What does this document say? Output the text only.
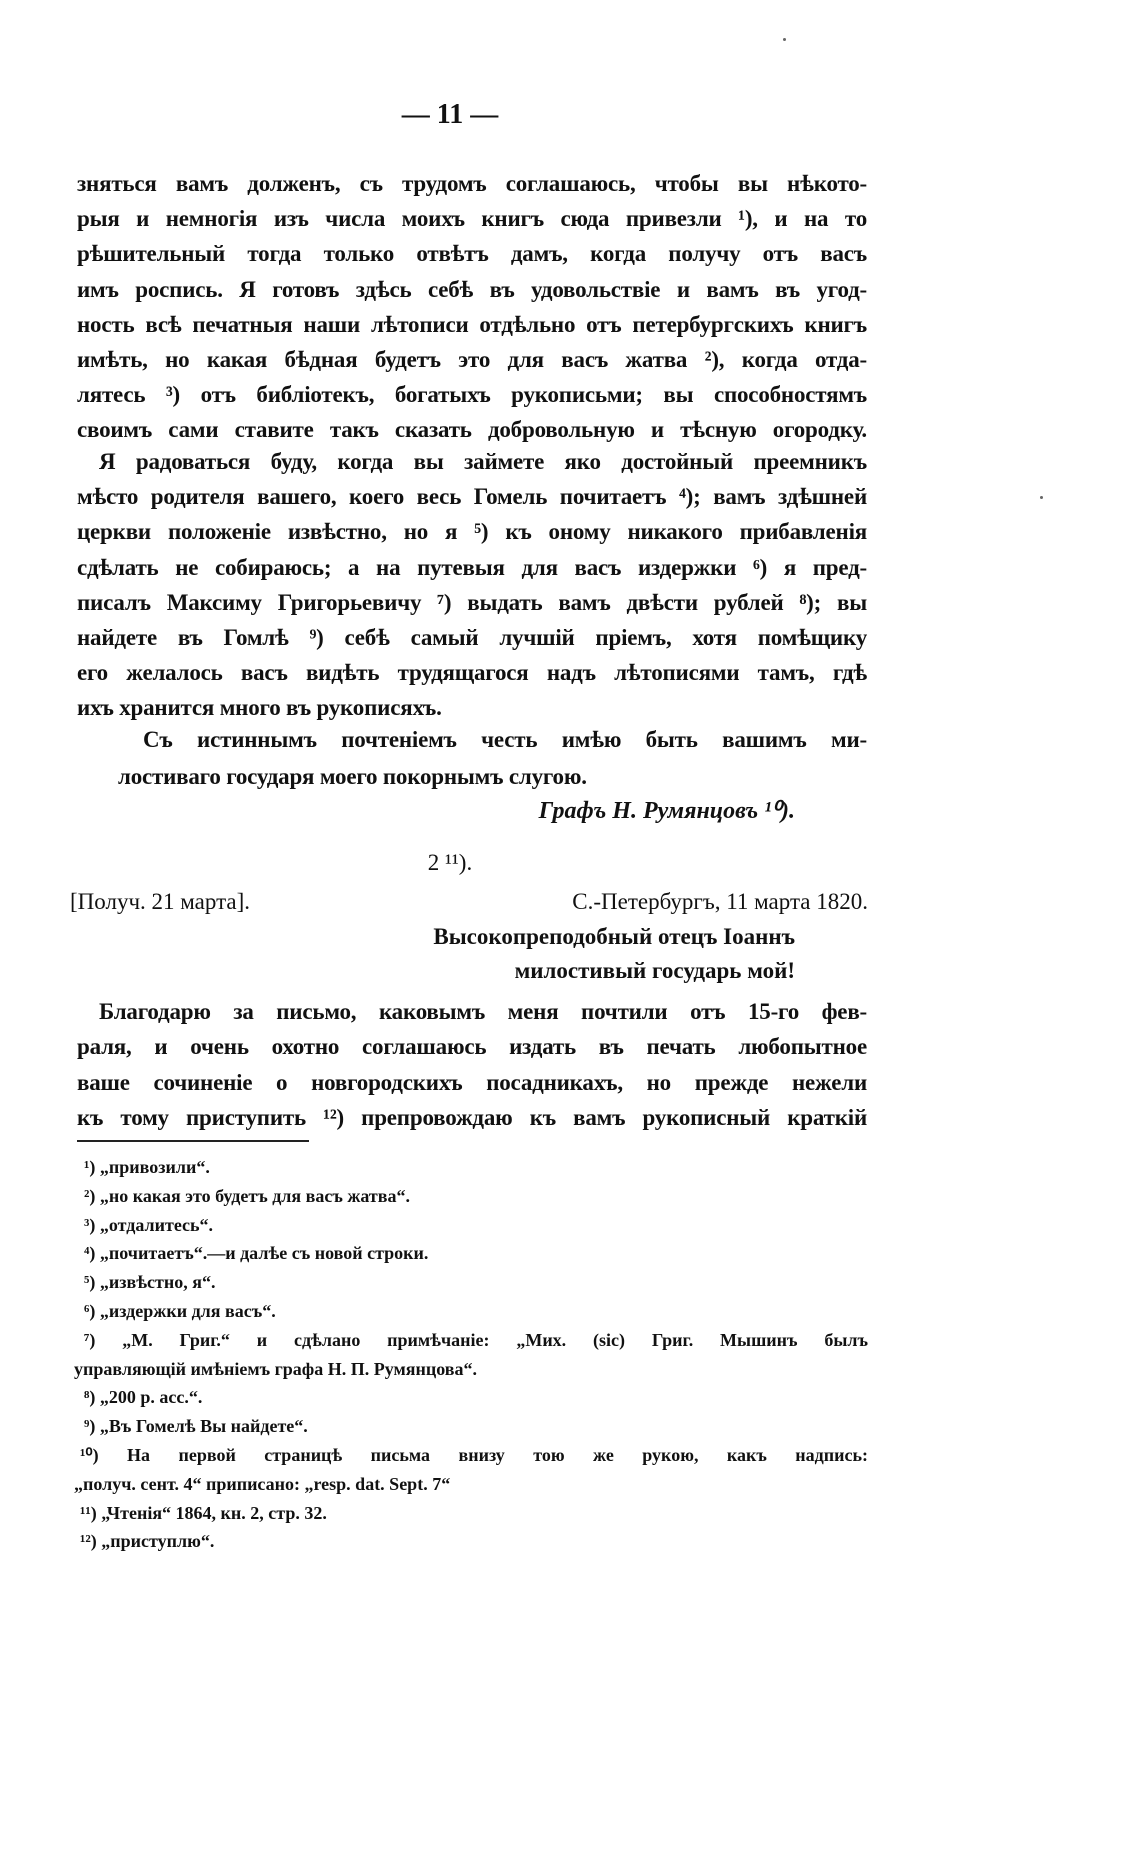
— 11 —
зняться вамъ долженъ, съ трудомъ соглашаюсь, чтобы вы нѣкото-
рыя и немногія изъ числа моихъ книгъ сюда привезли ¹), и на то
рѣшительный тогда только отвѣтъ дамъ, когда получу отъ васъ
имъ роспись. Я готовъ здѣсь себѣ въ удовольствіе и вамъ въ угод-
ность всѣ печатныя наши лѣтописи отдѣльно отъ петербургскихъ книгъ
имѣть, но какая бѣдная будетъ это для васъ жатва ²), когда отда-
лятесь ³) отъ библіотекъ, богатыхъ рукописьми; вы способностямъ
своимъ сами ставите такъ сказать добровольную и тѣсную огородку.
Я радоваться буду, когда вы займете яко достойный преемникъ
мѣсто родителя вашего, коего весь Гомель почитаетъ ⁴); вамъ здѣшней
церкви положеніе извѣстно, но я ⁵) къ оному никакого прибавленія
сдѣлать не собираюсь; а на путевыя для васъ издержки ⁶) я пред-
писалъ Максиму Григорьевичу ⁷) выдать вамъ двѣсти рублей ⁸); вы
найдете въ Гомлѣ ⁹) себѣ самый лучшій пріемъ, хотя помѣщику
его желалось васъ видѣть трудящагося надъ лѣтописями тамъ, гдѣ
ихъ хранится много въ рукописяхъ.
Съ истиннымъ почтеніемъ честь имѣю быть вашимъ ми-
лостиваго государя моего покорнымъ слугою.
Графъ Н. Румянцовъ ¹⁰).
2 ¹¹).
[Получ. 21 марта].	С.-Петербургъ, 11 марта 1820.
Высокопреподобный отецъ Іоаннъ
милостивый государь мой!
Благодарю за письмо, каковымъ меня почтили отъ 15-го фев-
раля, и очень охотно соглашаюсь издать въ печать любопытное
ваше сочиненіе о новгородскихъ посадникахъ, но прежде нежели
къ тому приступить ¹²) препровождаю къ вамъ рукописный краткій
¹) „привозили“.
²) „но какая это будетъ для васъ жатва“.
³) „отдалитесь“.
⁴) „почитаетъ“.—и далѣе съ новой строки.
⁵) „извѣстно, я“.
⁶) „издержки для васъ“.
⁷) „М. Григ.“ и сдѣлано примѣчаніе: „Мих. (sic) Григ. Мышинъ былъ
управляющій имѣніемъ графа Н. П. Румянцова“.
⁸) „200 р. асс.“.
⁹) „Въ Гомелѣ Вы найдете“.
¹⁰) На первой страницѣ письма внизу тою же рукою, какъ надпись:
„получ. сент. 4“ приписано: „resp. dat. Sept. 7“
¹¹) „Чтенія“ 1864, кн. 2, стр. 32.
¹²) „приступлю“.
